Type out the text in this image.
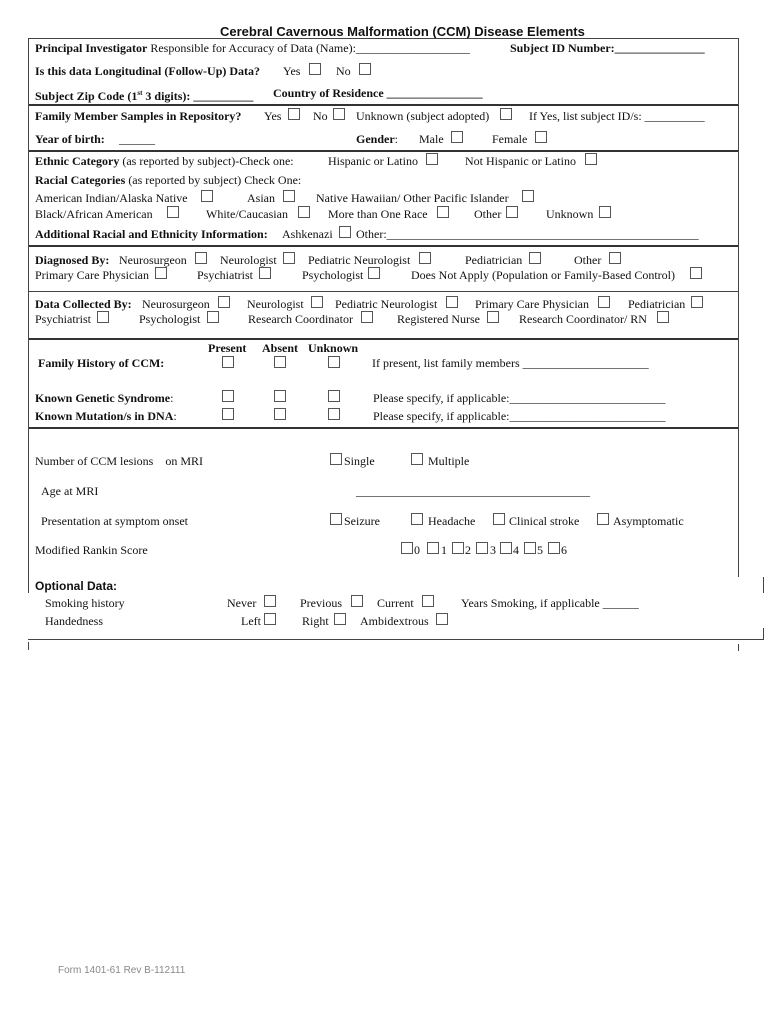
Cerebral Cavernous Malformation (CCM) Disease Elements
Principal Investigator Responsible for Accuracy of Data (Name):___________________	Subject ID Number:_______________
Is this data Longitudinal (Follow-Up) Data? Yes	No
Subject Zip Code (1st 3 digits): __________ Country of Residence ________________
Family Member Samples in Repository? Yes	No Unknown (subject adopted)	If Yes, list subject ID/s: __________
Year of birth: ______	Gender: Male	Female
Ethnic Category (as reported by subject)-Check one:	Hispanic or Latino	Not Hispanic or Latino
Racial Categories (as reported by subject) Check One:
American Indian/Alaska Native	Asian	Native Hawaiian/ Other Pacific Islander
Black/African American	White/Caucasian	More than One Race	Other	Unknown
Additional Racial and Ethnicity Information: Ashkenazi Other:____________________________________________________
Diagnosed By: Neurosurgeon	Neurologist	Pediatric Neurologist	Pediatrician	Other
Primary Care Physician	Psychiatrist	Psychologist	Does Not Apply (Population or Family-Based Control)
Data Collected By: Neurosurgeon	Neurologist	Pediatric Neurologist	Primary Care Physician	Pediatrician
Psychiatrist	Psychologist	Research Coordinator	Registered Nurse	Research Coordinator/ RN
Present Absent Unknown
Family History of CCM:	If present, list family members _____________________
Known Genetic Syndrome:	Please specify, if applicable:__________________________
Known Mutation/s in DNA:	Please specify, if applicable:__________________________
Number of CCM lesions    on MRI	Single	Multiple
Age at MRI	_______________________________________
Presentation at symptom onset	Seizure	Headache	Clinical stroke	Asymptomatic
Modified Rankin Score	0 1 2 3 4 5 6
Optional Data:
Smoking history	Never	Previous	Current	Years Smoking, if applicable ______
Handedness	Left	Right	Ambidextrous
Form 1401-61 Rev B-112111
